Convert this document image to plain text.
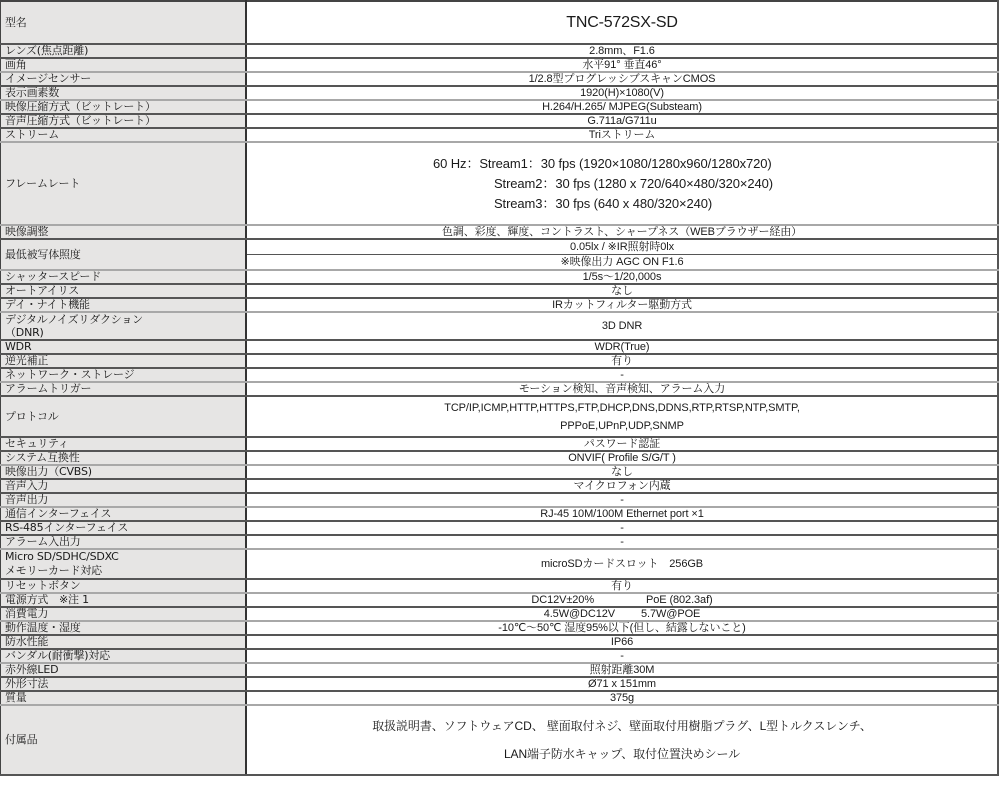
型名	TNC-572SX-SD
レンズ(焦点距離)	2.8mm、F1.6
画角	水平91° 垂直46°
イメージセンサー	1/2.8型プログレッシブスキャンCMOS
表示画素数	1920(H)×1080(V)
映像圧縮方式（ビットレート）	H.264/H.265/ MJPEG(Substeam)
音声圧縮方式（ビットレート）	G.711a/G711u
ストリーム	Triストリーム
フレームレート	60 Hz：Stream1：30 fps (1920×1080/1280x960/1280x720)
Stream2：30 fps (1280 x 720/640×480/320×240)
Stream3：30 fps (640 x 480/320×240)

映像調整	色調、彩度、輝度、コントラスト、シャープネス（WEBブラウザー経由）
最低被写体照度	0.05lx / ※IR照射時0lx
※映像出力 AGC ON F1.6

シャッタースピード	1/5s～1/20,000s
オートアイリス	なし
デイ・ナイト機能	IRカットフィルター駆動方式

デジタルノイズリダクション
（DNR)	3D DNR
WDR	WDR(True)
逆光補正	有り
ネットワーク・ストレージ	-
アラームトリガー	モーション検知、音声検知、アラーム入力
プロトコル	TCP/IP,ICMP,HTTP,HTTPS,FTP,DHCP,DNS,DDNS,RTP,RTSP,NTP,SMTP,
PPPoE,UPnP,UDP,SNMP

セキュリティ	パスワード認証
システム互換性	ONVIF( Profile S/G/T )
映像出力（CVBS)	なし
音声入力	マイクロフォン内蔵
音声出力	-
通信インターフェイス	RJ-45 10M/100M Ethernet port ×1
RS-485インターフェイス	-
アラーム入出力	-

Micro SD/SDHC/SDXC
メモリーカード対応	microSDカードスロット　256GB
リセットボタン	有り
電源方式　※注 1	DC12V±20% PoE (802.3af)
消費電力	4.5W@DC12V 5.7W@POE
動作温度・湿度	-10℃～50℃ 湿度95%以下(但し、結露しないこと)
防水性能	IP66
バンダル(耐衝撃)対応	-
赤外線LED	照射距離30M
外形寸法	Ø71 x 151mm
質量	375g
付属品	取扱説明書、ソフトウェアCD、 壁面取付ネジ、壁面取付用樹脂プラグ、L型トルクスレンチ、
LAN端子防水キャップ、取付位置決めシール
